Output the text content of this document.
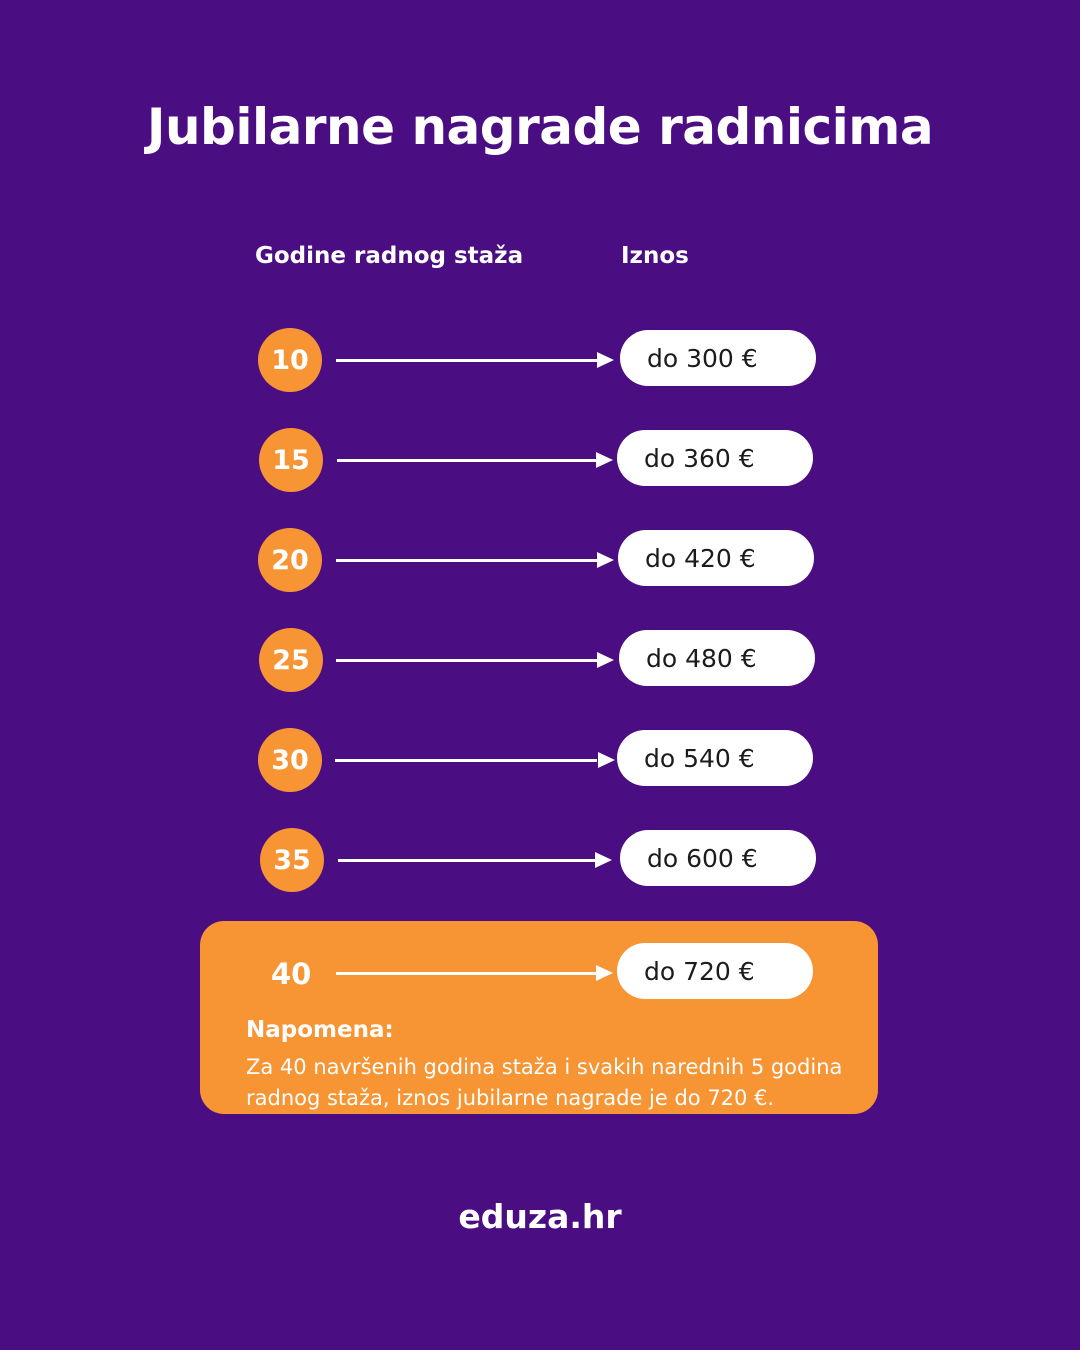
Jubilarne nagrade radnicima
Godine radnog staža	Iznos
10	do 300 €
15	do 360 €
20	do 420 €
25	do 480 €
30	do 540 €
35	do 600 €
40	do 720 €
Napomena:
Za 40 navršenih godina staža i svakih narednih 5 godina radnog staža, iznos jubilarne nagrade je do 720 €.
eduza.hr
